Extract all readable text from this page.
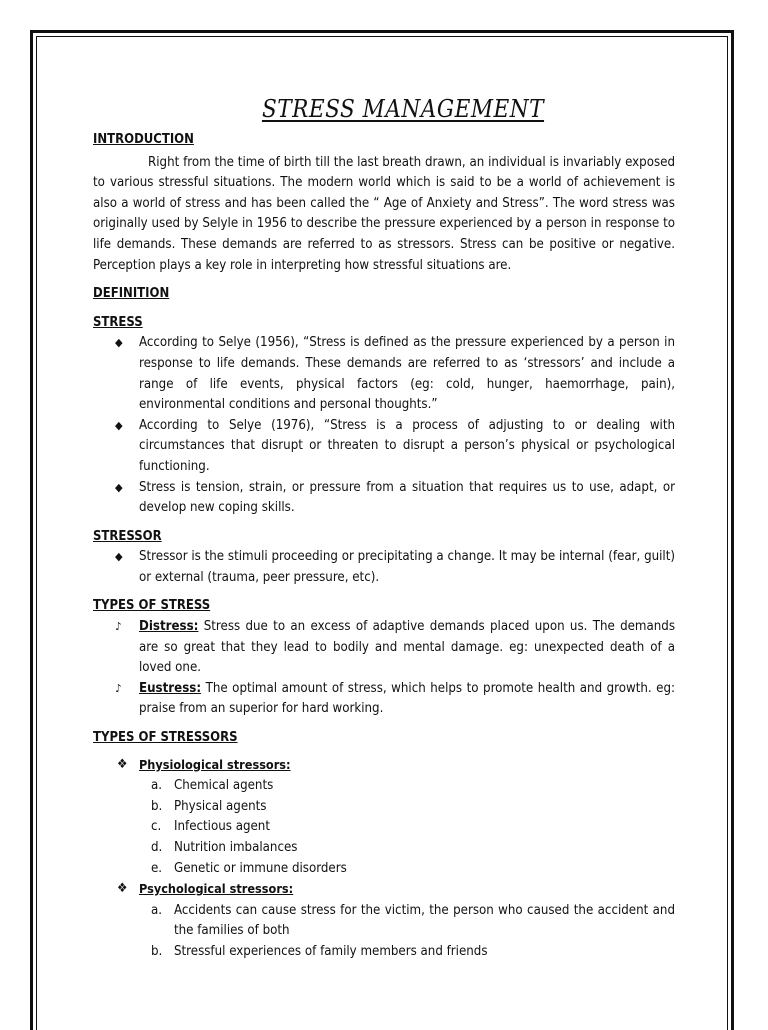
STRESS MANAGEMENT
INTRODUCTION

Right from the time of birth till the last breath drawn, an individual is invariably exposed to various stressful situations. The modern world which is said to be a world of achievement is also a world of stress and has been called the “ Age of Anxiety and Stress”. The word stress was originally used by Selyle in 1956 to describe the pressure experienced by a person in response to life demands. These demands are referred to as stressors. Stress can be positive or negative. Perception plays a key role in interpreting how stressful situations are.

DEFINITION
STRESS
◆ According to Selye (1956), “Stress is defined as the pressure experienced by a person in response to life demands. These demands are referred to as ‘stressors’ and include a range of life events, physical factors (eg: cold, hunger, haemorrhage, pain), environmental conditions and personal thoughts.”
◆ According to Selye (1976), “Stress is a process of adjusting to or dealing with circumstances that disrupt or threaten to disrupt a person’s physical or psychological functioning.
◆ Stress is tension, strain, or pressure from a situation that requires us to use, adapt, or develop new coping skills.
STRESSOR
◆ Stressor is the stimuli proceeding or precipitating a change. It may be internal (fear, guilt) or external (trauma, peer pressure, etc).
TYPES OF STRESS
♪ Distress: Stress due to an excess of adaptive demands placed upon us. The demands are so great that they lead to bodily and mental damage. eg: unexpected death of a loved one.
♪ Eustress: The optimal amount of stress, which helps to promote health and growth. eg: praise from an superior for hard working.
TYPES OF STRESSORS
❖ Physiological stressors:
a. Chemical agents
b. Physical agents
c. Infectious agent
d. Nutrition imbalances
e. Genetic or immune disorders
❖ Psychological stressors:
a. Accidents can cause stress for the victim, the person who caused the accident and the families of both
b. Stressful experiences of family members and friends
